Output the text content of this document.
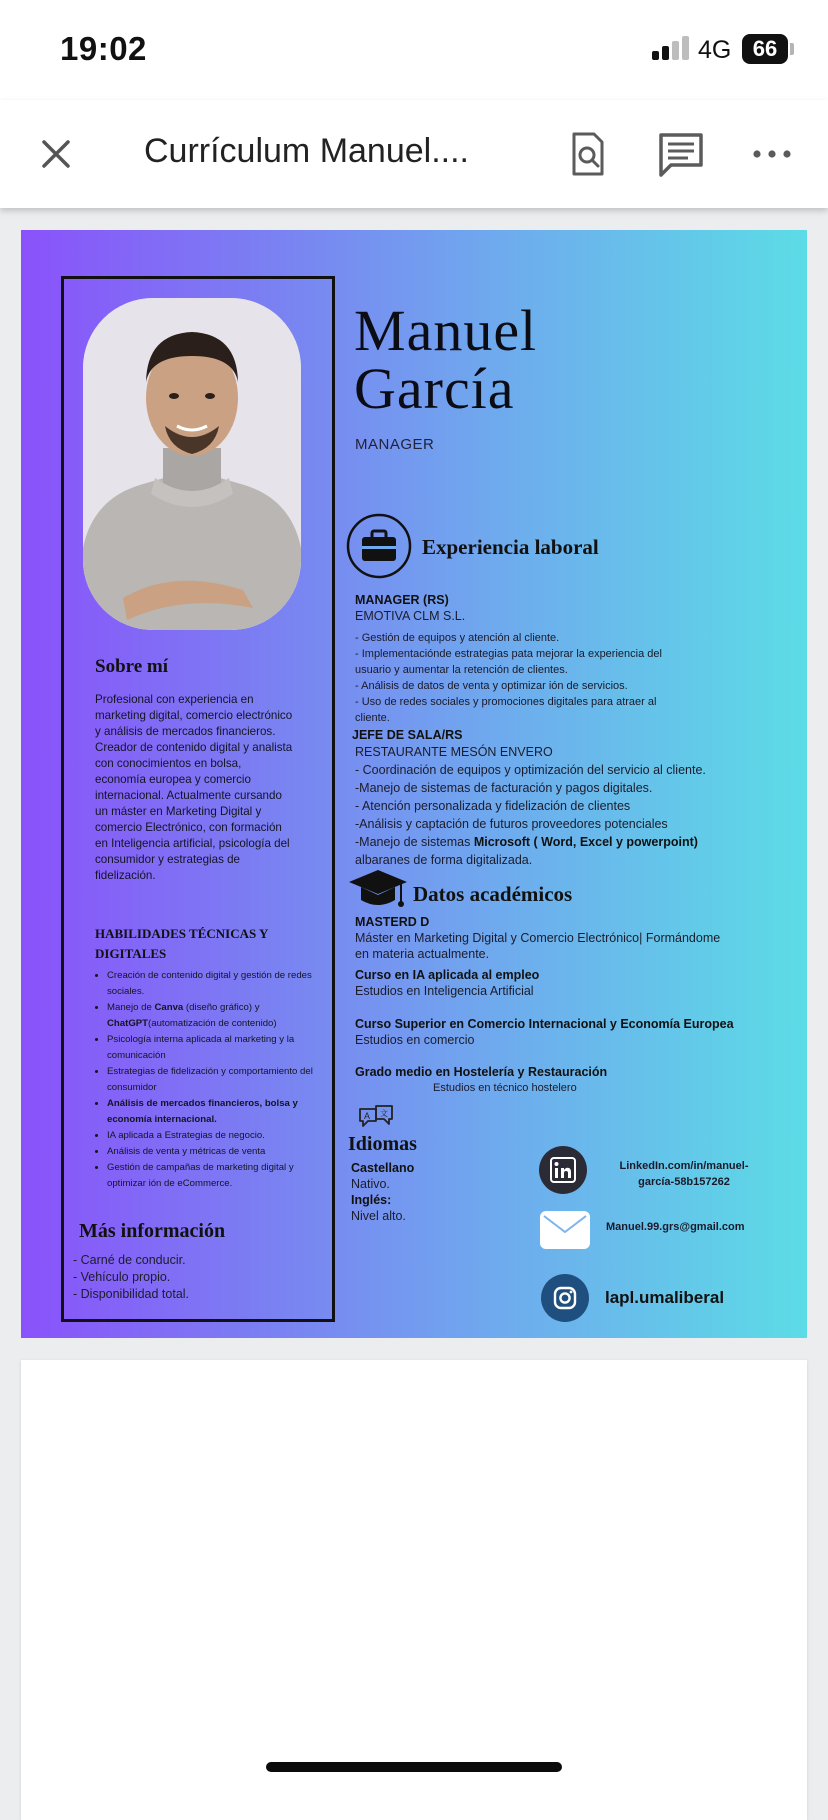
19:02	4G 66
Currículum Manuel....
Manuel
García
MANAGER
Experiencia laboral
MANAGER (RS)
EMOTIVA CLM S.L.
- Gestión de equipos y atención al cliente.
- Implementaciónde estrategias pata mejorar la experiencia del
usuario y aumentar la retención de clientes.
- Análisis de datos de venta y optimizar ión de servicios.
- Uso de redes sociales y promociones digitales para atraer al
cliente.
JEFE DE SALA/RS
RESTAURANTE MESÓN ENVERO
- Coordinación de equipos y optimización del servicio al cliente.
-Manejo de sistemas de facturación y pagos digitales.
- Atención personalizada y fidelización de clientes
-Análisis y captación de futuros proveedores potenciales
-Manejo de sistemas Microsoft ( Word, Excel y powerpoint)
albaranes de forma digitalizada.
Datos académicos
MASTERD D
Máster en Marketing Digital y Comercio Electrónico| Formándome
en materia actualmente.
Curso en IA aplicada al empleo
Estudios en Inteligencia Artificial
Curso Superior en Comercio Internacional y Economía Europea
Estudios en comercio
Grado medio en Hostelería y Restauración
Estudios en técnico hostelero
A 文
Idiomas
Castellano
Nativo.
Inglés:
Nivel alto.
LinkedIn.com/in/manuel-
garcía-58b157262
Manuel.99.grs@gmail.com
lapl.umaliberal
Sobre mí
Profesional con experiencia en marketing digital, comercio electrónico y análisis de mercados financieros. Creador de contenido digital y analista con conocimientos en bolsa, economía europea y comercio internacional. Actualmente cursando un máster en Marketing Digital y comercio Electrónico, con formación en Inteligencia artificial, psicología del consumidor y estrategias de fidelización.
HABILIDADES TÉCNICAS Y
DIGITALES
• Creación de contenido digital y gestión de redes sociales.
• Manejo de Canva (diseño gráfico) y ChatGPT(automatización de contenido)
• Psicología interna aplicada al marketing y la comunicación
• Estrategias de fidelización y comportamiento del consumidor
• Análisis de mercados financieros, bolsa y economía internacional.
• IA aplicada a Estrategias de negocio.
• Análisis de venta y métricas de venta
• Gestión de campañas de marketing digital y optimizar ión de eCommerce.
Más información
- Carné de conducir.
- Vehículo propio.
- Disponibilidad total.
